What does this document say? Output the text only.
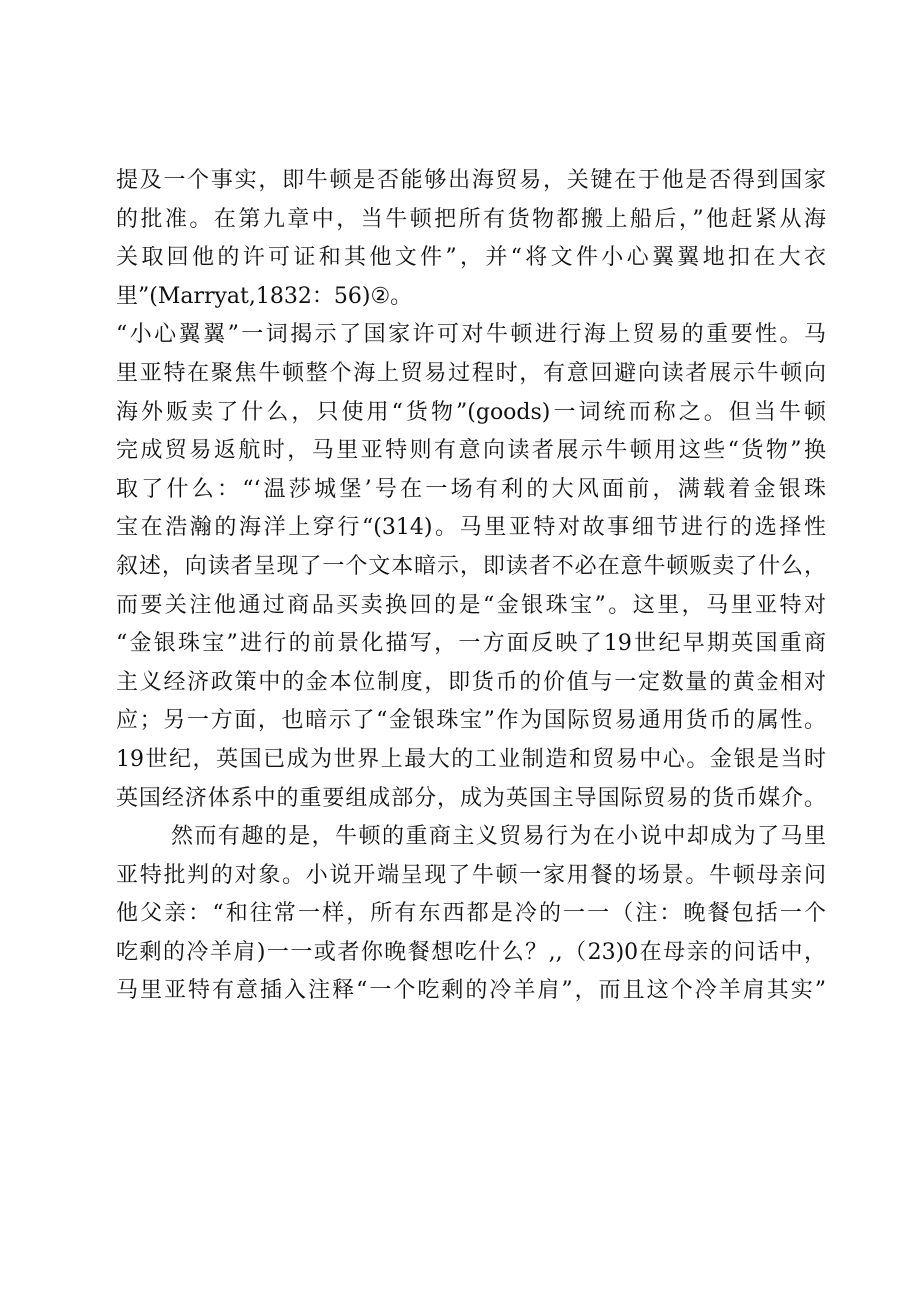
提及一个事实，即牛顿是否能够出海贸易，关键在于他是否得到国家
的批准。在第九章中，当牛顿把所有货物都搬上船后，”他赶紧从海
关取回他的许可证和其他文件”，并“将文件小心翼翼地扣在大衣
里”(Marryat,1832：56)②。
“小心翼翼”一词揭示了国家许可对牛顿进行海上贸易的重要性。马
里亚特在聚焦牛顿整个海上贸易过程时，有意回避向读者展示牛顿向
海外贩卖了什么，只使用“货物”(goods)一词统而称之。但当牛顿
完成贸易返航时，马里亚特则有意向读者展示牛顿用这些“货物”换
取了什么：“‘温莎城堡’号在一场有利的大风面前，满载着金银珠
宝在浩瀚的海洋上穿行“(314)。马里亚特对故事细节进行的选择性
叙述，向读者呈现了一个文本暗示，即读者不必在意牛顿贩卖了什么，
而要关注他通过商品买卖换回的是“金银珠宝”。这里，马里亚特对
“金银珠宝”进行的前景化描写，一方面反映了19世纪早期英国重商
主义经济政策中的金本位制度，即货币的价值与一定数量的黄金相对
应；另一方面，也暗示了“金银珠宝”作为国际贸易通用货币的属性。
19世纪，英国已成为世界上最大的工业制造和贸易中心。金银是当时
英国经济体系中的重要组成部分，成为英国主导国际贸易的货币媒介。
然而有趣的是，牛顿的重商主义贸易行为在小说中却成为了马里
亚特批判的对象。小说开端呈现了牛顿一家用餐的场景。牛顿母亲问
他父亲：“和往常一样，所有东西都是冷的一一（注：晚餐包括一个
吃剩的冷羊肩)一一或者你晚餐想吃什么？,,（23)0在母亲的问话中，
马里亚特有意插入注释“一个吃剩的冷羊肩”，而且这个冷羊肩其实”
